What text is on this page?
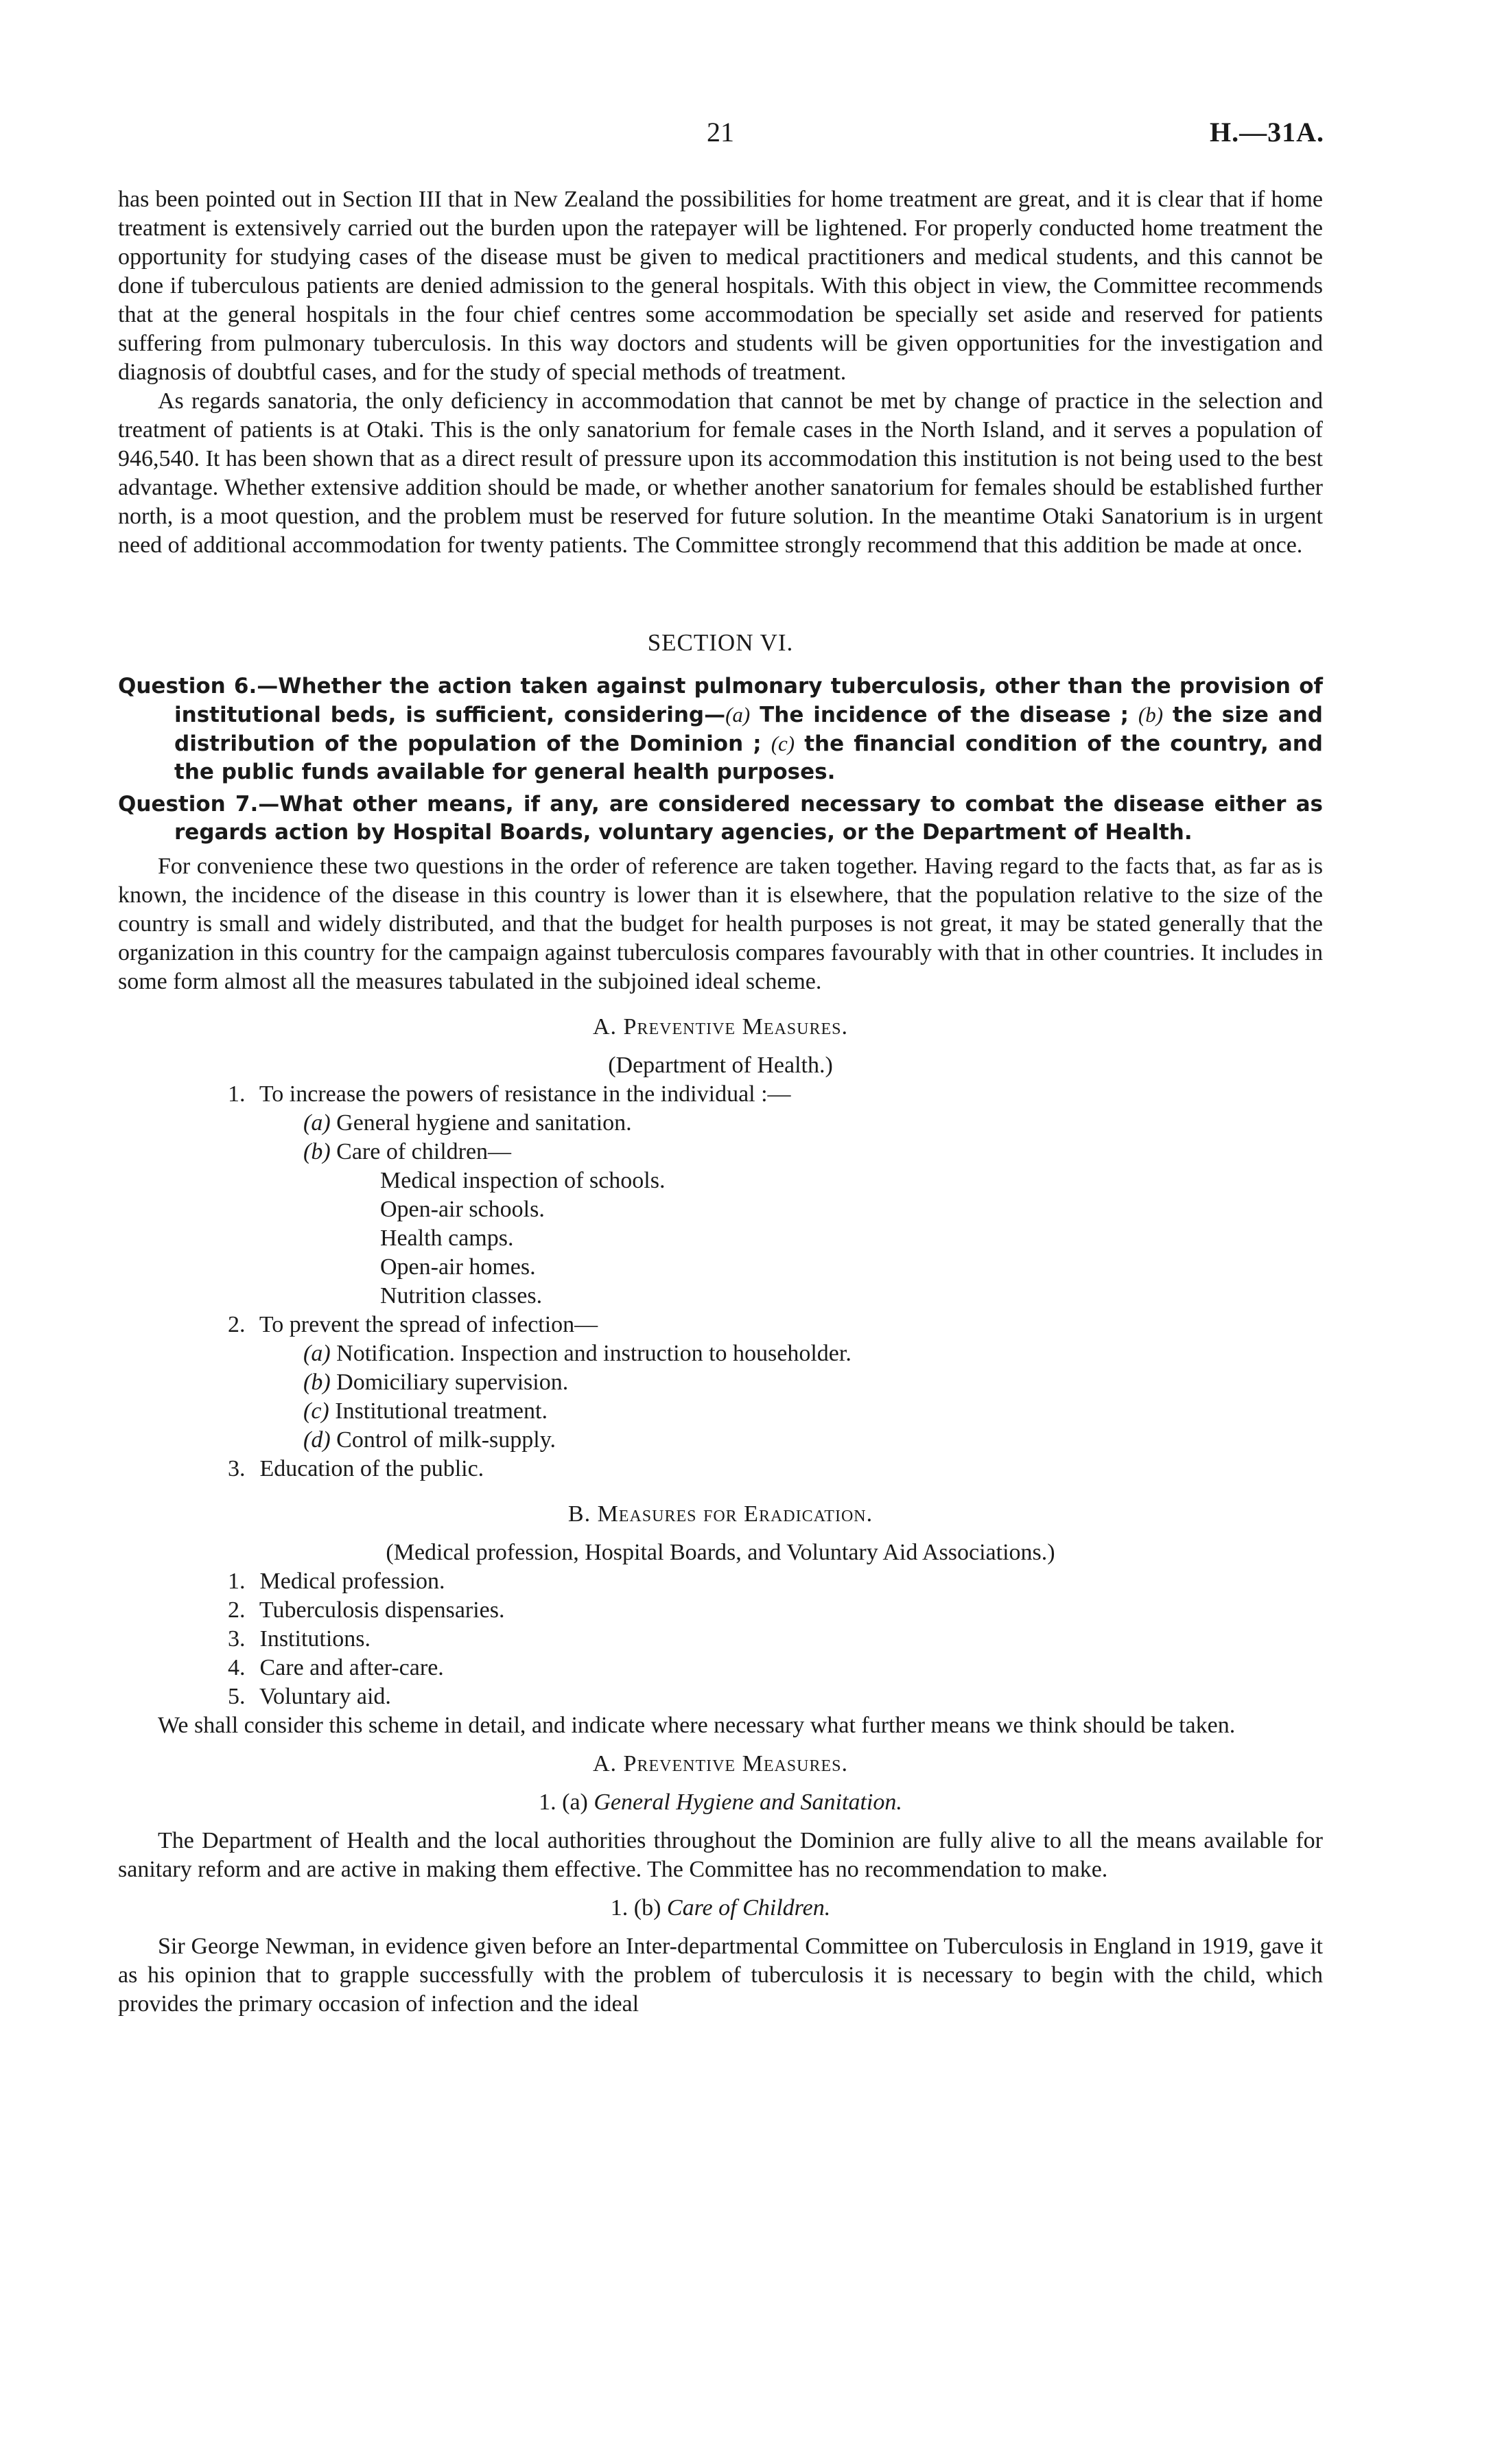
21	H.—31A.

has been pointed out in Section III that in New Zealand the possibilities for home treatment are great, and it is clear that if home treatment is extensively carried out the burden upon the ratepayer will be lightened. For properly conducted home treatment the opportunity for studying cases of the disease must be given to medical practitioners and medical students, and this cannot be done if tuberculous patients are denied admission to the general hospitals. With this object in view, the Committee recommends that at the general hospitals in the four chief centres some accommodation be specially set aside and reserved for patients suffering from pulmonary tuberculosis. In this way doctors and students will be given opportunities for the investigation and diagnosis of doubtful cases, and for the study of special methods of treatment.

As regards sanatoria, the only deficiency in accommodation that cannot be met by change of practice in the selection and treatment of patients is at Otaki. This is the only sanatorium for female cases in the North Island, and it serves a population of 946,540. It has been shown that as a direct result of pressure upon its accommodation this institution is not being used to the best advantage. Whether extensive addition should be made, or whether another sanatorium for females should be established further north, is a moot question, and the problem must be reserved for future solution. In the meantime Otaki Sanatorium is in urgent need of additional accommodation for twenty patients. The Committee strongly recommend that this addition be made at once.

SECTION VI.

Question 6.—Whether the action taken against pulmonary tuberculosis, other than the provision of institutional beds, is sufficient, considering—(a) The incidence of the disease ; (b) the size and distribution of the population of the Dominion ; (c) the financial condition of the country, and the public funds available for general health purposes.

Question 7.—What other means, if any, are considered necessary to combat the disease either as regards action by Hospital Boards, voluntary agencies, or the Department of Health.

For convenience these two questions in the order of reference are taken together. Having regard to the facts that, as far as is known, the incidence of the disease in this country is lower than it is elsewhere, that the population relative to the size of the country is small and widely distributed, and that the budget for health purposes is not great, it may be stated generally that the organization in this country for the campaign against tuberculosis compares favourably with that in other countries. It includes in some form almost all the measures tabulated in the subjoined ideal scheme.

A. Preventive Measures.

(Department of Health.)

1. To increase the powers of resistance in the individual :—

(a) General hygiene and sanitation.

(b) Care of children—

Medical inspection of schools.

Open-air schools.

Health camps.

Open-air homes.

Nutrition classes.

2. To prevent the spread of infection—

(a) Notification. Inspection and instruction to householder.

(b) Domiciliary supervision.

(c) Institutional treatment.

(d) Control of milk-supply.

3. Education of the public.

B. Measures for Eradication.

(Medical profession, Hospital Boards, and Voluntary Aid Associations.)

1. Medical profession.

2. Tuberculosis dispensaries.

3. Institutions.

4. Care and after-care.

5. Voluntary aid.

We shall consider this scheme in detail, and indicate where necessary what further means we think should be taken.

A. Preventive Measures.

1. (a) General Hygiene and Sanitation.

The Department of Health and the local authorities throughout the Dominion are fully alive to all the means available for sanitary reform and are active in making them effective. The Committee has no recommendation to make.

1. (b) Care of Children.

Sir George Newman, in evidence given before an Inter-departmental Committee on Tuberculosis in England in 1919, gave it as his opinion that to grapple successfully with the problem of tuberculosis it is necessary to begin with the child, which provides the primary occasion of infection and the ideal
